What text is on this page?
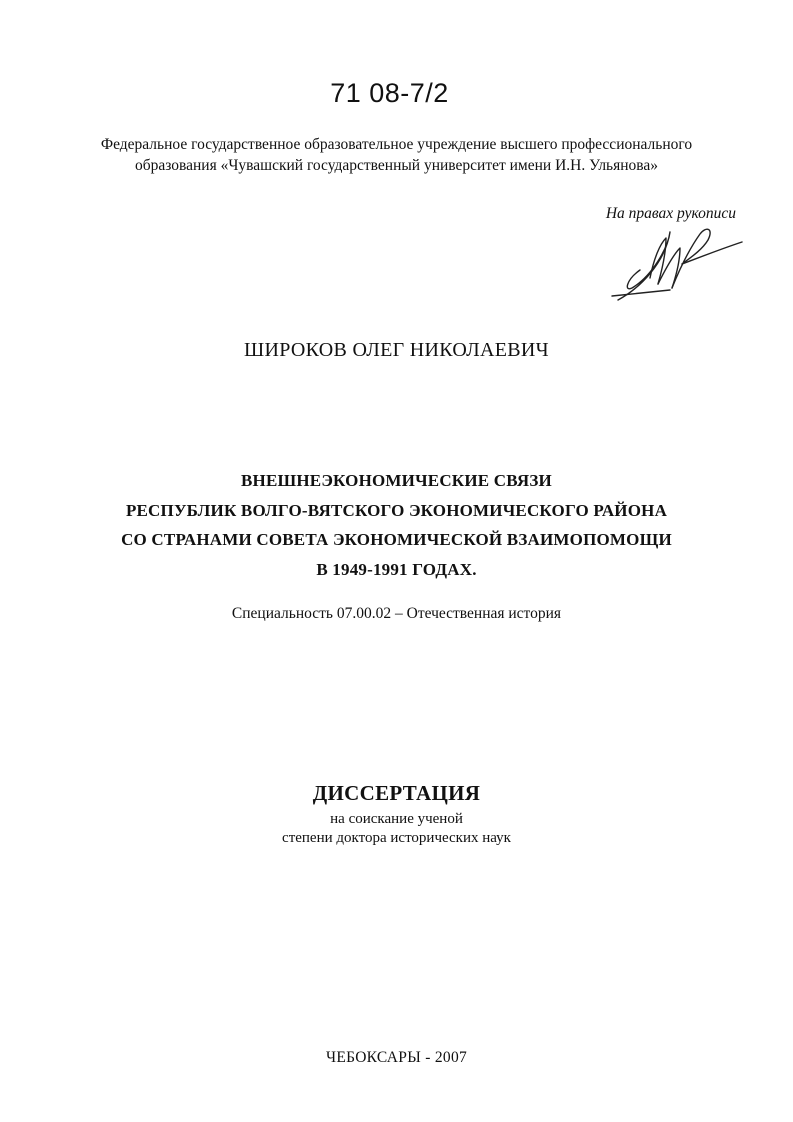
71 08-7/2
Федеральное государственное образовательное учреждение высшего профессионального
образования «Чувашский государственный университет имени И.Н. Ульянова»
На правах рукописи
ШИРОКОВ ОЛЕГ НИКОЛАЕВИЧ
ВНЕШНЕЭКОНОМИЧЕСКИЕ СВЯЗИ
РЕСПУБЛИК ВОЛГО-ВЯТСКОГО ЭКОНОМИЧЕСКОГО РАЙОНА
СО СТРАНАМИ СОВЕТА ЭКОНОМИЧЕСКОЙ ВЗАИМОПОМОЩИ
В 1949-1991 ГОДАХ.
Специальность 07.00.02 – Отечественная история
ДИССЕРТАЦИЯ
на соискание ученой
степени доктора исторических наук
ЧЕБОКСАРЫ - 2007
